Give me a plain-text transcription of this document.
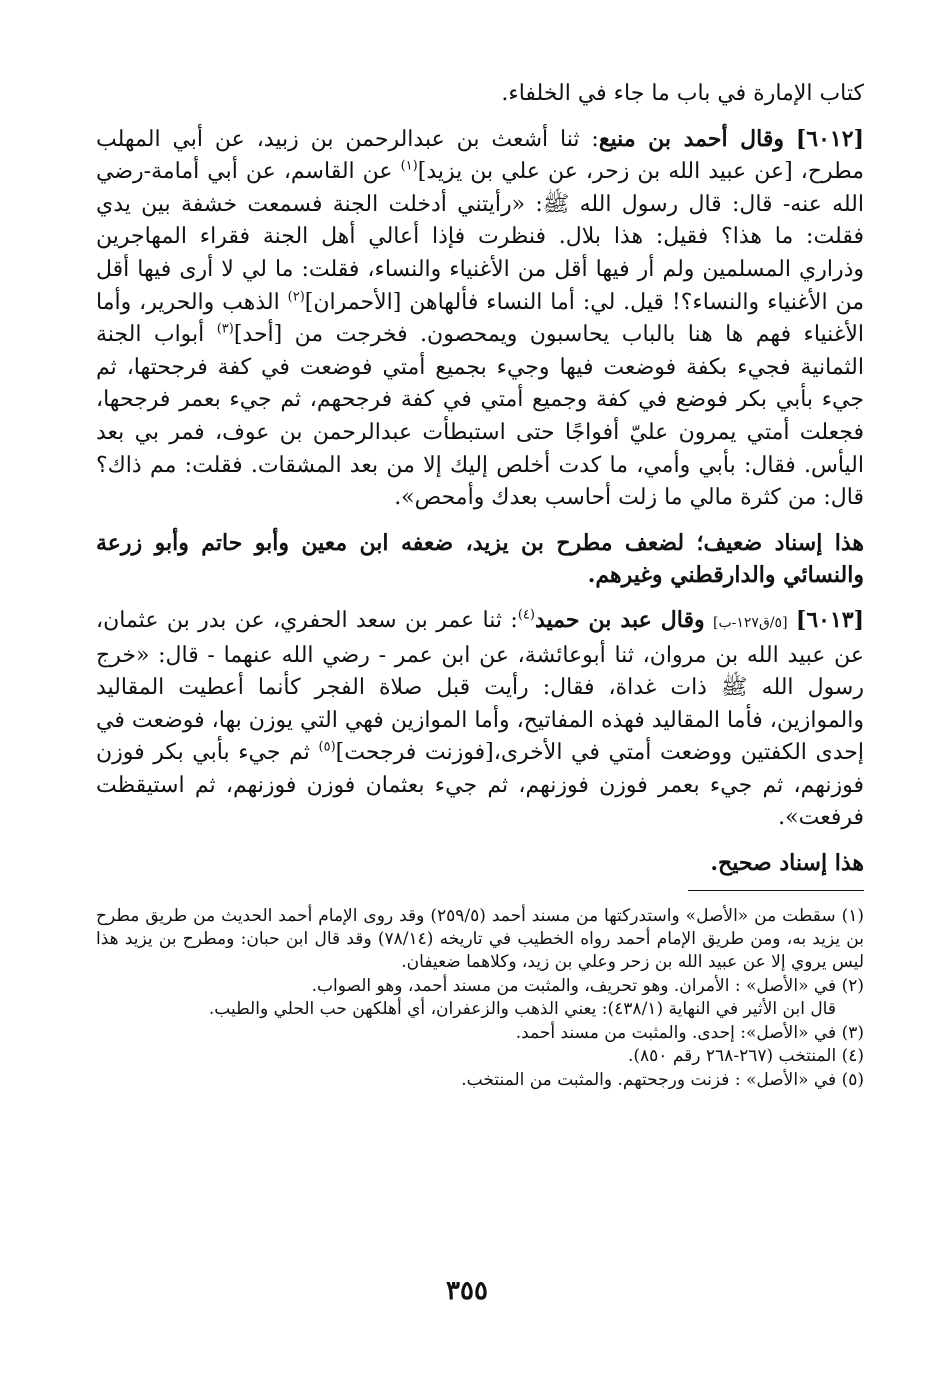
كتاب الإمارة في باب ما جاء في الخلفاء.

[٦٠١٢] وقال أحمد بن منيع: ثنا أشعث بن عبدالرحمن بن زبيد، عن أبي المهلب مطرح، [عن عبيد الله بن زحر، عن علي بن يزيد]$^{(١)}$ عن القاسم، عن أبي أمامة-رضي الله عنه- قال: قال رسول الله ﷺ: «رأيتني أدخلت الجنة فسمعت خشفة بين يدي فقلت: ما هذا؟ فقيل: هذا بلال. فنظرت فإذا أعالي أهل الجنة فقراء المهاجرين وذراري المسلمين ولم أر فيها أقل من الأغنياء والنساء، فقلت: ما لي لا أرى فيها أقل من الأغنياء والنساء؟! قيل. لي: أما النساء فألهاهن [الأحمران]$^{(٢)}$ الذهب والحرير، وأما الأغنياء فهم ها هنا بالباب يحاسبون ويمحصون. فخرجت من [أحد]$^{(٣)}$ أبواب الجنة الثمانية فجيء بكفة فوضعت فيها وجيء بجميع أمتي فوضعت في كفة فرجحتها، ثم جيء بأبي بكر فوضع في كفة وجميع أمتي في كفة فرجحهم، ثم جيء بعمر فرجحها، فجعلت أمتي يمرون عليّ أفواجًا حتى استبطأت عبدالرحمن بن عوف، فمر بي بعد اليأس. فقال: بأبي وأمي، ما كدت أخلص إليك إلا من بعد المشقات. فقلت: مم ذاك؟قال: من كثرة مالي ما زلت أحاسب بعدك وأمحص».

هذا إسناد ضعيف؛ لضعف مطرح بن يزيد، ضعفه ابن معين وأبو حاتم وأبو زرعة والنسائي والدارقطني وغيرهم.

[٦٠١٣] [٥/ق١٢٧-ب] وقال عبد بن حميد$^{(٤)}$: ثنا عمر بن سعد الحفري، عن بدر بن عثمان، عن عبيد الله بن مروان، ثنا أبوعائشة، عن ابن عمر - رضي الله عنهما - قال: «خرج رسول الله ﷺ ذات غداة، فقال: رأيت قبل صلاة الفجر كأنما أعطيت المقاليد والموازين، فأما المقاليد فهذه المفاتيح، وأما الموازين فهي التي يوزن بها، فوضعت في إحدى الكفتين ووضعت أمتي في الأخرى،[فوزنت فرجحت]$^{(٥)}$ ثم جيء بأبي بكر فوزن فوزنهم، ثم جيء بعمر فوزن فوزنهم، ثم جيء بعثمان فوزن فوزنهم، ثم استيقظت فرفعت».

هذا إسناد صحيح.

(١) سقطت من «الأصل» واستدركتها من مسند أحمد (٢٥٩/٥) وقد روى الإمام أحمد الحديث من طريق مطرح بن يزيد به، ومن طريق الإمام أحمد رواه الخطيب في تاريخه (٧٨/١٤) وقد قال ابن حبان: ومطرح بن يزيد هذا ليس يروي إلا عن عبيد الله بن زحر وعلي بن زيد، وكلاهما ضعيفان.

(٢) في «الأصل» : الأمران. وهو تحريف، والمثبت من مسند أحمد، وهو الصواب.

قال ابن الأثير في النهاية (٤٣٨/١): يعني الذهب والزعفران، أي أهلكهن حب الحلي والطيب.

(٣) في «الأصل»: إحدى. والمثبت من مسند أحمد.

(٤) المنتخب (٢٦٧-٢٦٨ رقم ٨٥٠).

(٥) في «الأصل» : فزنت ورجحتهم. والمثبت من المنتخب.

٣٥٥
